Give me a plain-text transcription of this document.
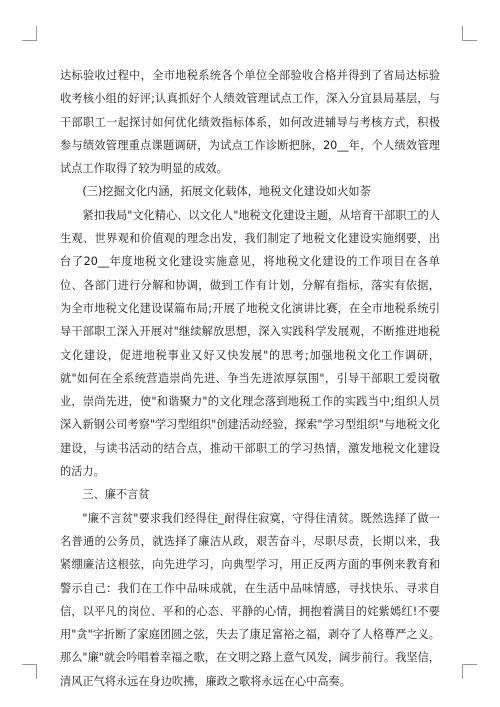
达标验收过程中，全市地税系统各个单位全部验收合格并得到了省局达标验收考核小组的好评;认真抓好个人绩效管理试点工作，深入分宜县局基层，与干部职工一起探讨如何优化绩效指标体系，如何改进辅导与考核方式，积极参与绩效管理重点课题调研，为试点工作诊断把脉，20__年，个人绩效管理试点工作取得了较为明显的成效。

(三)挖掘文化内涵，拓展文化载体，地税文化建设如火如荼

紧扣我局"文化精心、以文化人"地税文化建设主题，从培育干部职工的人生观、世界观和价值观的理念出发，我们制定了地税文化建设实施纲要，出台了20__年度地税文化建设实施意见，将地税文化建设的工作项目在各单位、各部门进行分解和协调，做到工作有计划，分解有指标，落实有依据，为全市地税文化建设谋篇布局;开展了地税文化演讲比赛，在全市地税系统引导干部职工深入开展对"继续解放思想，深入实践科学发展观，不断推进地税文化建设，促进地税事业又好又快发展"的思考;加强地税文化工作调研，就"如何在全系统营造崇尚先进、争当先进浓厚氛围"，引导干部职工爱岗敬业，崇尚先进，使"和谐聚力"的文化理念落到地税工作的实践当中;组织人员深入新钢公司考察"学习型组织"创建活动经验，探索"学习型组织"与地税文化建设，与读书活动的结合点，推动干部职工的学习热情，激发地税文化建设的活力。

三、廉不言贫

"廉不言贫"要求我们经得住_耐得住寂寞，守得住清贫。既然选择了做一名普通的公务员，就选择了廉洁从政，艰苦奋斗，尽职尽责，长期以来，我紧绷廉洁这根弦，向先进学习，向典型学习，用正反两方面的事例来教育和警示自己：我们在工作中品味成就，在生活中品味情感，寻找快乐、寻求自信，以平凡的岗位、平和的心态、平静的心情，拥抱着满目的姹紫嫣红!不要用"贪"字折断了家庭团圆之弦，失去了康足富裕之福，剥夺了人格尊严之义。那么"廉"就会吟唱着幸福之歌，在文明之路上意气风发，阔步前行。我坚信，清风正气将永远在身边吹拂，廉政之歌将永远在心中高奏。
